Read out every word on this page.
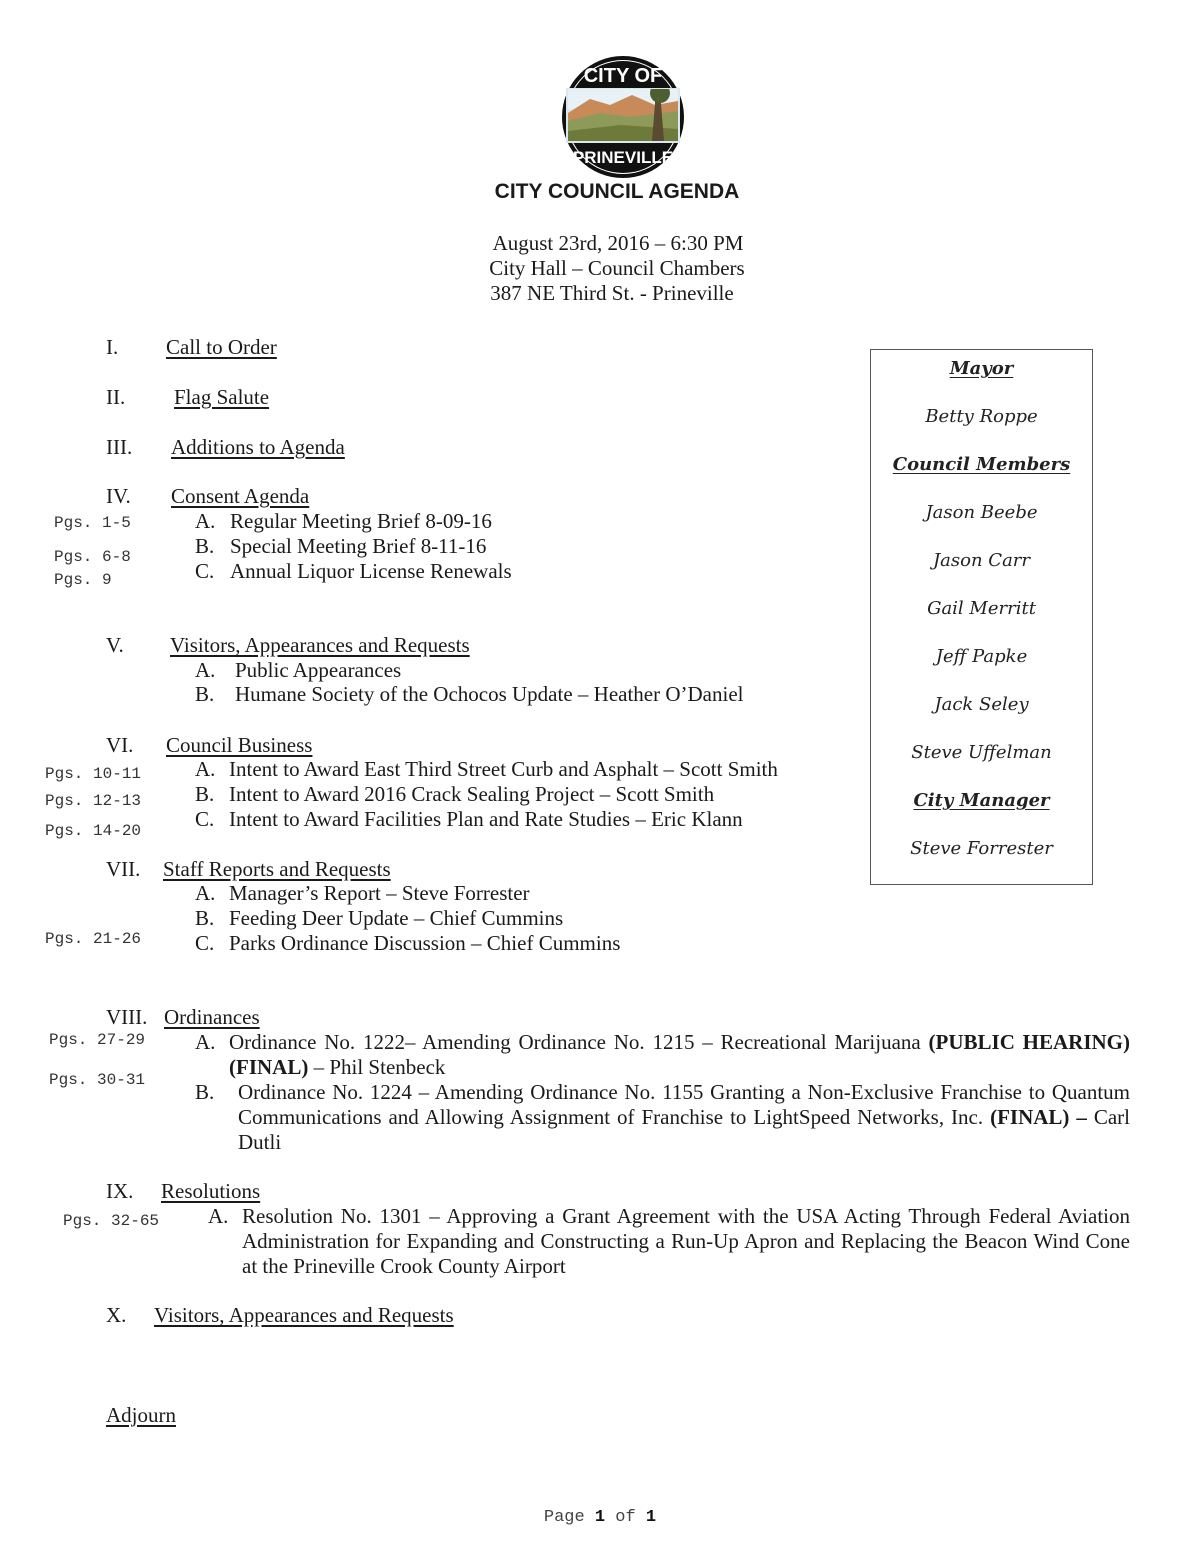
CITY OF
PRINEVILLE
CITY COUNCIL AGENDA
August 23rd, 2016 – 6:30 PM
City Hall – Council Chambers
387 NE Third St. - Prineville
I. Call to Order
II. Flag Salute
III. Additions to Agenda
IV. Consent Agenda
Pgs. 1-5	A. Regular Meeting Brief 8-09-16
Pgs. 6-8	B. Special Meeting Brief 8-11-16
Pgs. 9	C. Annual Liquor License Renewals
V. Visitors, Appearances and Requests
A. Public Appearances
B. Humane Society of the Ochocos Update – Heather O’Daniel
VI. Council Business
Pgs. 10-11	A. Intent to Award East Third Street Curb and Asphalt – Scott Smith
Pgs. 12-13	B. Intent to Award 2016 Crack Sealing Project – Scott Smith
Pgs. 14-20	C. Intent to Award Facilities Plan and Rate Studies – Eric Klann
VII. Staff Reports and Requests
A. Manager’s Report – Steve Forrester
B. Feeding Deer Update – Chief Cummins
Pgs. 21-26	C. Parks Ordinance Discussion – Chief Cummins
VIII. Ordinances
Pgs. 27-29 A. Ordinance No. 1222– Amending Ordinance No. 1215 – Recreational Marijuana (PUBLIC HEARING) (FINAL) – Phil Stenbeck
Pgs. 30-31 B. Ordinance No. 1224 – Amending Ordinance No. 1155 Granting a Non-Exclusive Franchise to Quantum Communications and Allowing Assignment of Franchise to LightSpeed Networks, Inc. (FINAL) – Carl Dutli
IX. Resolutions
Pgs. 32-65 A. Resolution No. 1301 – Approving a Grant Agreement with the USA Acting Through Federal Aviation Administration for Expanding and Constructing a Run-Up Apron and Replacing the Beacon Wind Cone at the Prineville Crook County Airport
X. Visitors, Appearances and Requests
Adjourn
Mayor
Betty Roppe
Council Members
Jason Beebe
Jason Carr
Gail Merritt
Jeff Papke
Jack Seley
Steve Uffelman
City Manager
Steve Forrester
Page 1 of 1
